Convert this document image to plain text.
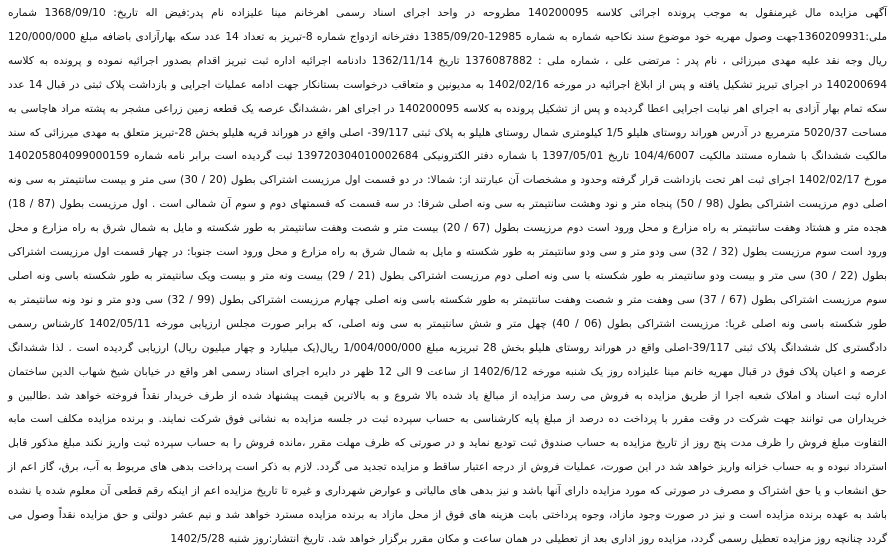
آگهی مزایده مال غیرمنقول به موجب پرونده اجرائی کلاسه 140200095 مطروحه در واحد اجرای اسناد رسمی اهرخانم مینا علیزاده نام پدر:فیض اله تاریخ: 1368/09/10 شماره ملی:1360209931جهت وصول مهریه خود موضوع سند نکاحیه شماره به شماره 12985-1385/09/20 دفترخانه ازدواج شماره 8-تبریز به تعداد 14 عدد سکه بهارآزادی باضافه مبلغ 120/000/000 ریال وجه نقد علیه مهدی میرزائی ، نام پدر : مرتضی علی ، شماره ملی : 1376087882 تاریخ 1362/11/14 دادنامه اجرائیه اداره ثبت تبریز اقدام بصدور اجرائیه نموده و پرونده به کلاسه 140200694 در اجرای تبریز تشکیل یافته و پس از ابلاغ اجرائیه در مورخه 1402/02/16 به مدیونین و متعاقب درخواست بستانکار جهت ادامه عملیات اجرایی و بازداشت پلاک ثبتی در قبال 14 عدد سکه تمام بهار آزادی به اجرای اهر نیابت اجرایی اعطا گردیده و پس از تشکیل پرونده به کلاسه 140200095 در اجرای اهر ،ششدانگ عرصه یک قطعه زمین زراعی مشجر به پشته مراد هاچاسی به مساحت 5020/37 مترمربع در آدرس هوراند روستای هلیلو 1/5 کیلومتری شمال روستای هلیلو به پلاک ثبتی 39/117- اصلی واقع در هوراند قریه هلیلو بخش 28-تبریز متعلق به مهدی میرزائی که سند مالکیت ششدانگ با شماره مستند مالکیت 104/4/6007 تاریخ 1397/05/01 با شماره دفتر الکترونیکی 139720304010002684 ثبت گردیده است برابر نامه شماره 140205804099000159 مورخ 1402/02/17 اجرای ثبت اهر تحت بازداشت قرار گرفته وحدود و مشخصات آن عبارتند از: شمالا: در دو قسمت اول مرزیست اشتراکی بطول (20 / 30) سی متر و بیست سانتیمتر به سی ونه اصلی دوم مرزیست اشتراکی بطول (98 / 50) پنجاه متر و نود وهشت سانتیمتر به سی ونه اصلی شرقا: در سه قسمت که قسمتهای دوم و سوم آن شمالی است . اول مرزیست بطول (87 / 18) هجده متر و هشتاد وهفت سانتیمتر به راه مزارع و محل ورود است دوم مرزیست بطول (67 / 20) بیست متر و شصت وهفت سانتیمتر به طور شکسته و مایل به شمال شرق به راه مزارع و محل ورود است سوم مرزیست بطول (32 / 32) سی ودو متر و سی ودو سانتیمتر به طور شکسته و مایل به شمال شرق به راه مزارع و محل ورود است جنوبا: در چهار قسمت اول مرزیست اشتراکی بطول (22 / 30) سی متر و بیست ودو سانتیمتر به طور شکسته با سی ونه اصلی دوم مرزیست اشتراکی بطول (21 / 29) بیست ونه متر و بیست ویک سانتیمتر به طور شکسته باسی ونه اصلی سوم مرزیست اشتراکی بطول (67 / 37) سی وهفت متر و شصت وهفت سانتیمتر به طور شکسته باسی ونه اصلی چهارم مرزیست اشتراکی بطول (99 / 32) سی ودو متر و نود ونه سانتیمتر به طور شکسته باسی ونه اصلی غربا: مرزیست اشتراکی بطول (06 / 40) چهل متر و شش سانتیمتر به سی ونه اصلی، که برابر صورت مجلس ارزیابی مورخه 1402/05/11 کارشناس رسمی دادگستری کل ششدانگ پلاک ثبتی 39/117-اصلی واقع در هوراند روستای هلیلو بخش 28 تبریزبه مبلغ 1/004/000/000 ریال(یک میلیارد و چهار میلیون ریال) ارزیابی گردیده است . لذا ششدانگ عرصه و اعیان پلاک فوق در قبال مهریه خانم مینا علیزاده روز یک شنبه مورخه 1402/6/12 از ساعت 9 الی 12 ظهر در دایره اجرای اسناد رسمی اهر واقع در خیابان شیخ شهاب الدین ساختمان اداره ثبت اسناد و املاک شعبه اجرا از طریق مزایده به فروش می رسد مزایده از مبالغ یاد شده بالا شروع و به بالاترین قیمت پیشنهاد شده از طرف خریدار نقداً فروخته خواهد شد .طالبین و خریداران می توانند جهت شرکت در وقت مقرر با پرداخت ده درصد از مبلغ پایه کارشناسی به حساب سپرده ثبت در جلسه مزایده به نشانی فوق شرکت نمایند. و برنده مزایده مکلف است مابه التفاوت مبلغ فروش را ظرف مدت پنج روز از تاریخ مزایده به حساب صندوق ثبت تودیع نماید و در صورتی که ظرف مهلت مقرر ،مانده فروش را به حساب سپرده ثبت واریز نکند مبلغ مذکور قابل استرداد نبوده و به حساب خزانه واریز خواهد شد در این صورت، عملیات فروش از درجه اعتبار ساقط و مزایده تجدید می گردد. لازم به ذکر است پرداخت بدهی های مربوط به آب، برق، گاز اعم از حق انشعاب و یا حق اشتراک و مصرف در صورتی که مورد مزایده دارای آنها باشد و نیز بدهی های مالیاتی و عوارض شهرداری و غیره تا تاریخ مزایده اعم از اینکه رقم قطعی آن معلوم شده یا نشده باشد به عهده برنده مزایده است و نیز در صورت وجود مازاد، وجوه پرداختی بابت هزینه های فوق از محل مازاد به برنده مزایده مسترد خواهد شد و نیم عشر دولتی و حق مزایده نقداً وصول می گردد چنانچه روز مزایده تعطیل رسمی گردد، مزایده روز اداری بعد از تعطیلی در همان ساعت و مکان مقرر برگزار خواهد شد. تاریخ انتشار:روز شنبه 1402/5/28
